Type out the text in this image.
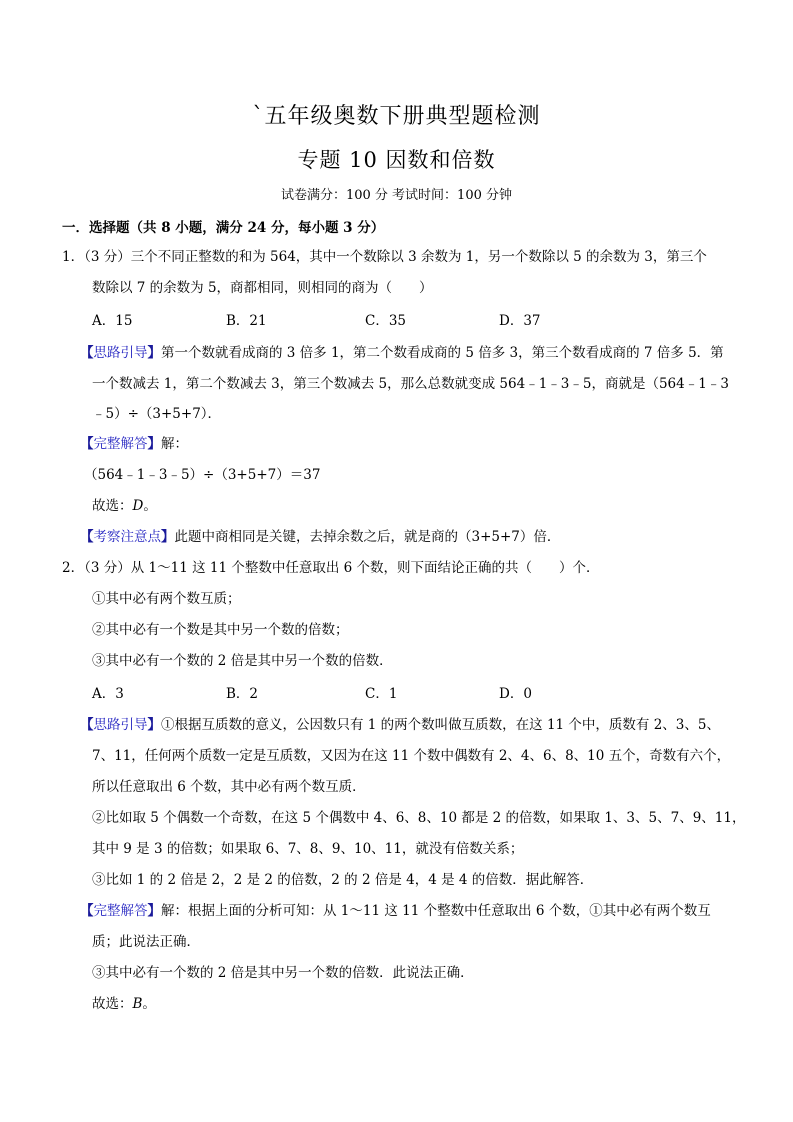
`五年级奥数下册典型题检测
专题 10 因数和倍数
试卷满分：100 分 考试时间：100 分钟
一．选择题（共 8 小题，满分 24 分，每小题 3 分）
1．（3 分）三个不同正整数的和为 564，其中一个数除以 3 余数为 1，另一个数除以 5 的余数为 3，第三个
数除以 7 的余数为 5，商都相同，则相同的商为（　　）
A．15	B．21	C．35	D．37
【思路引导】第一个数就看成商的 3 倍多 1，第二个数看成商的 5 倍多 3，第三个数看成商的 7 倍多 5．第
一个数减去 1，第二个数减去 3，第三个数减去 5，那么总数就变成 564﹣1﹣3﹣5，商就是（564﹣1﹣3
﹣5）÷（3+5+7）．
【完整解答】解：
（564﹣1﹣3﹣5）÷（3+5+7）＝37
故选：D。
【考察注意点】此题中商相同是关键，去掉余数之后，就是商的（3+5+7）倍．
2．（3 分）从 1～11 这 11 个整数中任意取出 6 个数，则下面结论正确的共（　　）个．
①其中必有两个数互质；
②其中必有一个数是其中另一个数的倍数；
③其中必有一个数的 2 倍是其中另一个数的倍数．
A．3	B．2	C．1	D．0
【思路引导】①根据互质数的意义，公因数只有 1 的两个数叫做互质数，在这 11 个中，质数有 2、3、5、
7、11，任何两个质数一定是互质数，又因为在这 11 个数中偶数有 2、4、6、8、10 五个，奇数有六个，
所以任意取出 6 个数，其中必有两个数互质．
②比如取 5 个偶数一个奇数，在这 5 个偶数中 4、6、8、10 都是 2 的倍数，如果取 1、3、5、7、9、11，
其中 9 是 3 的倍数；如果取 6、7、8、9、10、11，就没有倍数关系；
③比如 1 的 2 倍是 2，2 是 2 的倍数，2 的 2 倍是 4，4 是 4 的倍数．据此解答．
【完整解答】解：根据上面的分析可知：从 1～11 这 11 个整数中任意取出 6 个数，①其中必有两个数互
质；此说法正确．
③其中必有一个数的 2 倍是其中另一个数的倍数．此说法正确．
故选：B。
